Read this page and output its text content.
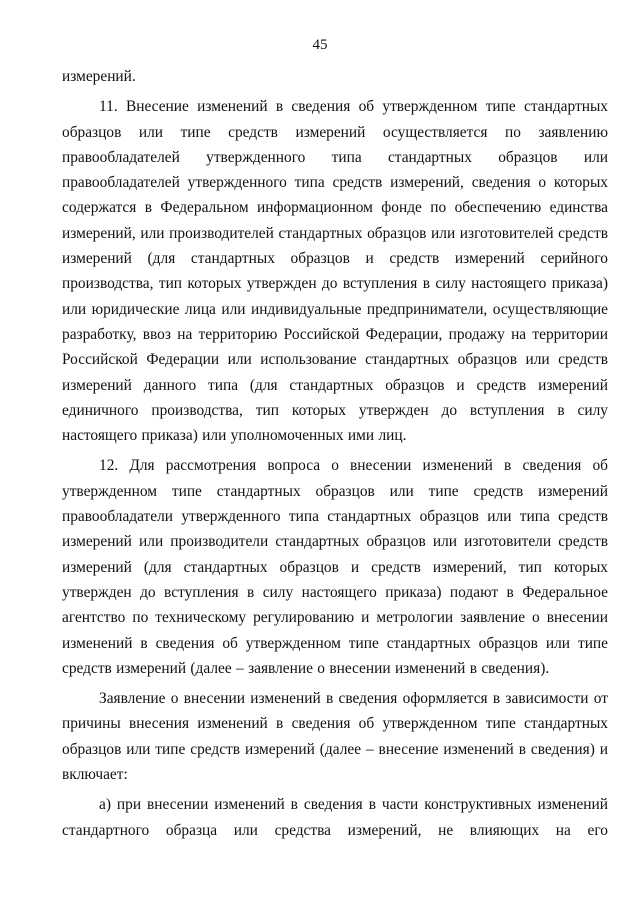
45

измерений.

11. Внесение изменений в сведения об утвержденном типе стандартных образцов или типе средств измерений осуществляется по заявлению правообладателей утвержденного типа стандартных образцов или правообладателей утвержденного типа средств измерений, сведения о которых содержатся в Федеральном информационном фонде по обеспечению единства измерений, или производителей стандартных образцов или изготовителей средств измерений (для стандартных образцов и средств измерений серийного производства, тип которых утвержден до вступления в силу настоящего приказа) или юридические лица или индивидуальные предприниматели, осуществляющие разработку, ввоз на территорию Российской Федерации, продажу на территории Российской Федерации или использование стандартных образцов или средств измерений данного типа (для стандартных образцов и средств измерений единичного производства, тип которых утвержден до вступления в силу настоящего приказа) или уполномоченных ими лиц.

12. Для рассмотрения вопроса о внесении изменений в сведения об утвержденном типе стандартных образцов или типе средств измерений правообладатели утвержденного типа стандартных образцов или типа средств измерений или производители стандартных образцов или изготовители средств измерений (для стандартных образцов и средств измерений, тип которых утвержден до вступления в силу настоящего приказа) подают в Федеральное агентство по техническому регулированию и метрологии заявление о внесении изменений в сведения об утвержденном типе стандартных образцов или типе средств измерений (далее – заявление о внесении изменений в сведения).

Заявление о внесении изменений в сведения оформляется в зависимости от причины внесения изменений в сведения об утвержденном типе стандартных образцов или типе средств измерений (далее – внесение изменений в сведения) и включает:

а) при внесении изменений в сведения в части конструктивных изменений стандартного образца или средства измерений, не влияющих на его
